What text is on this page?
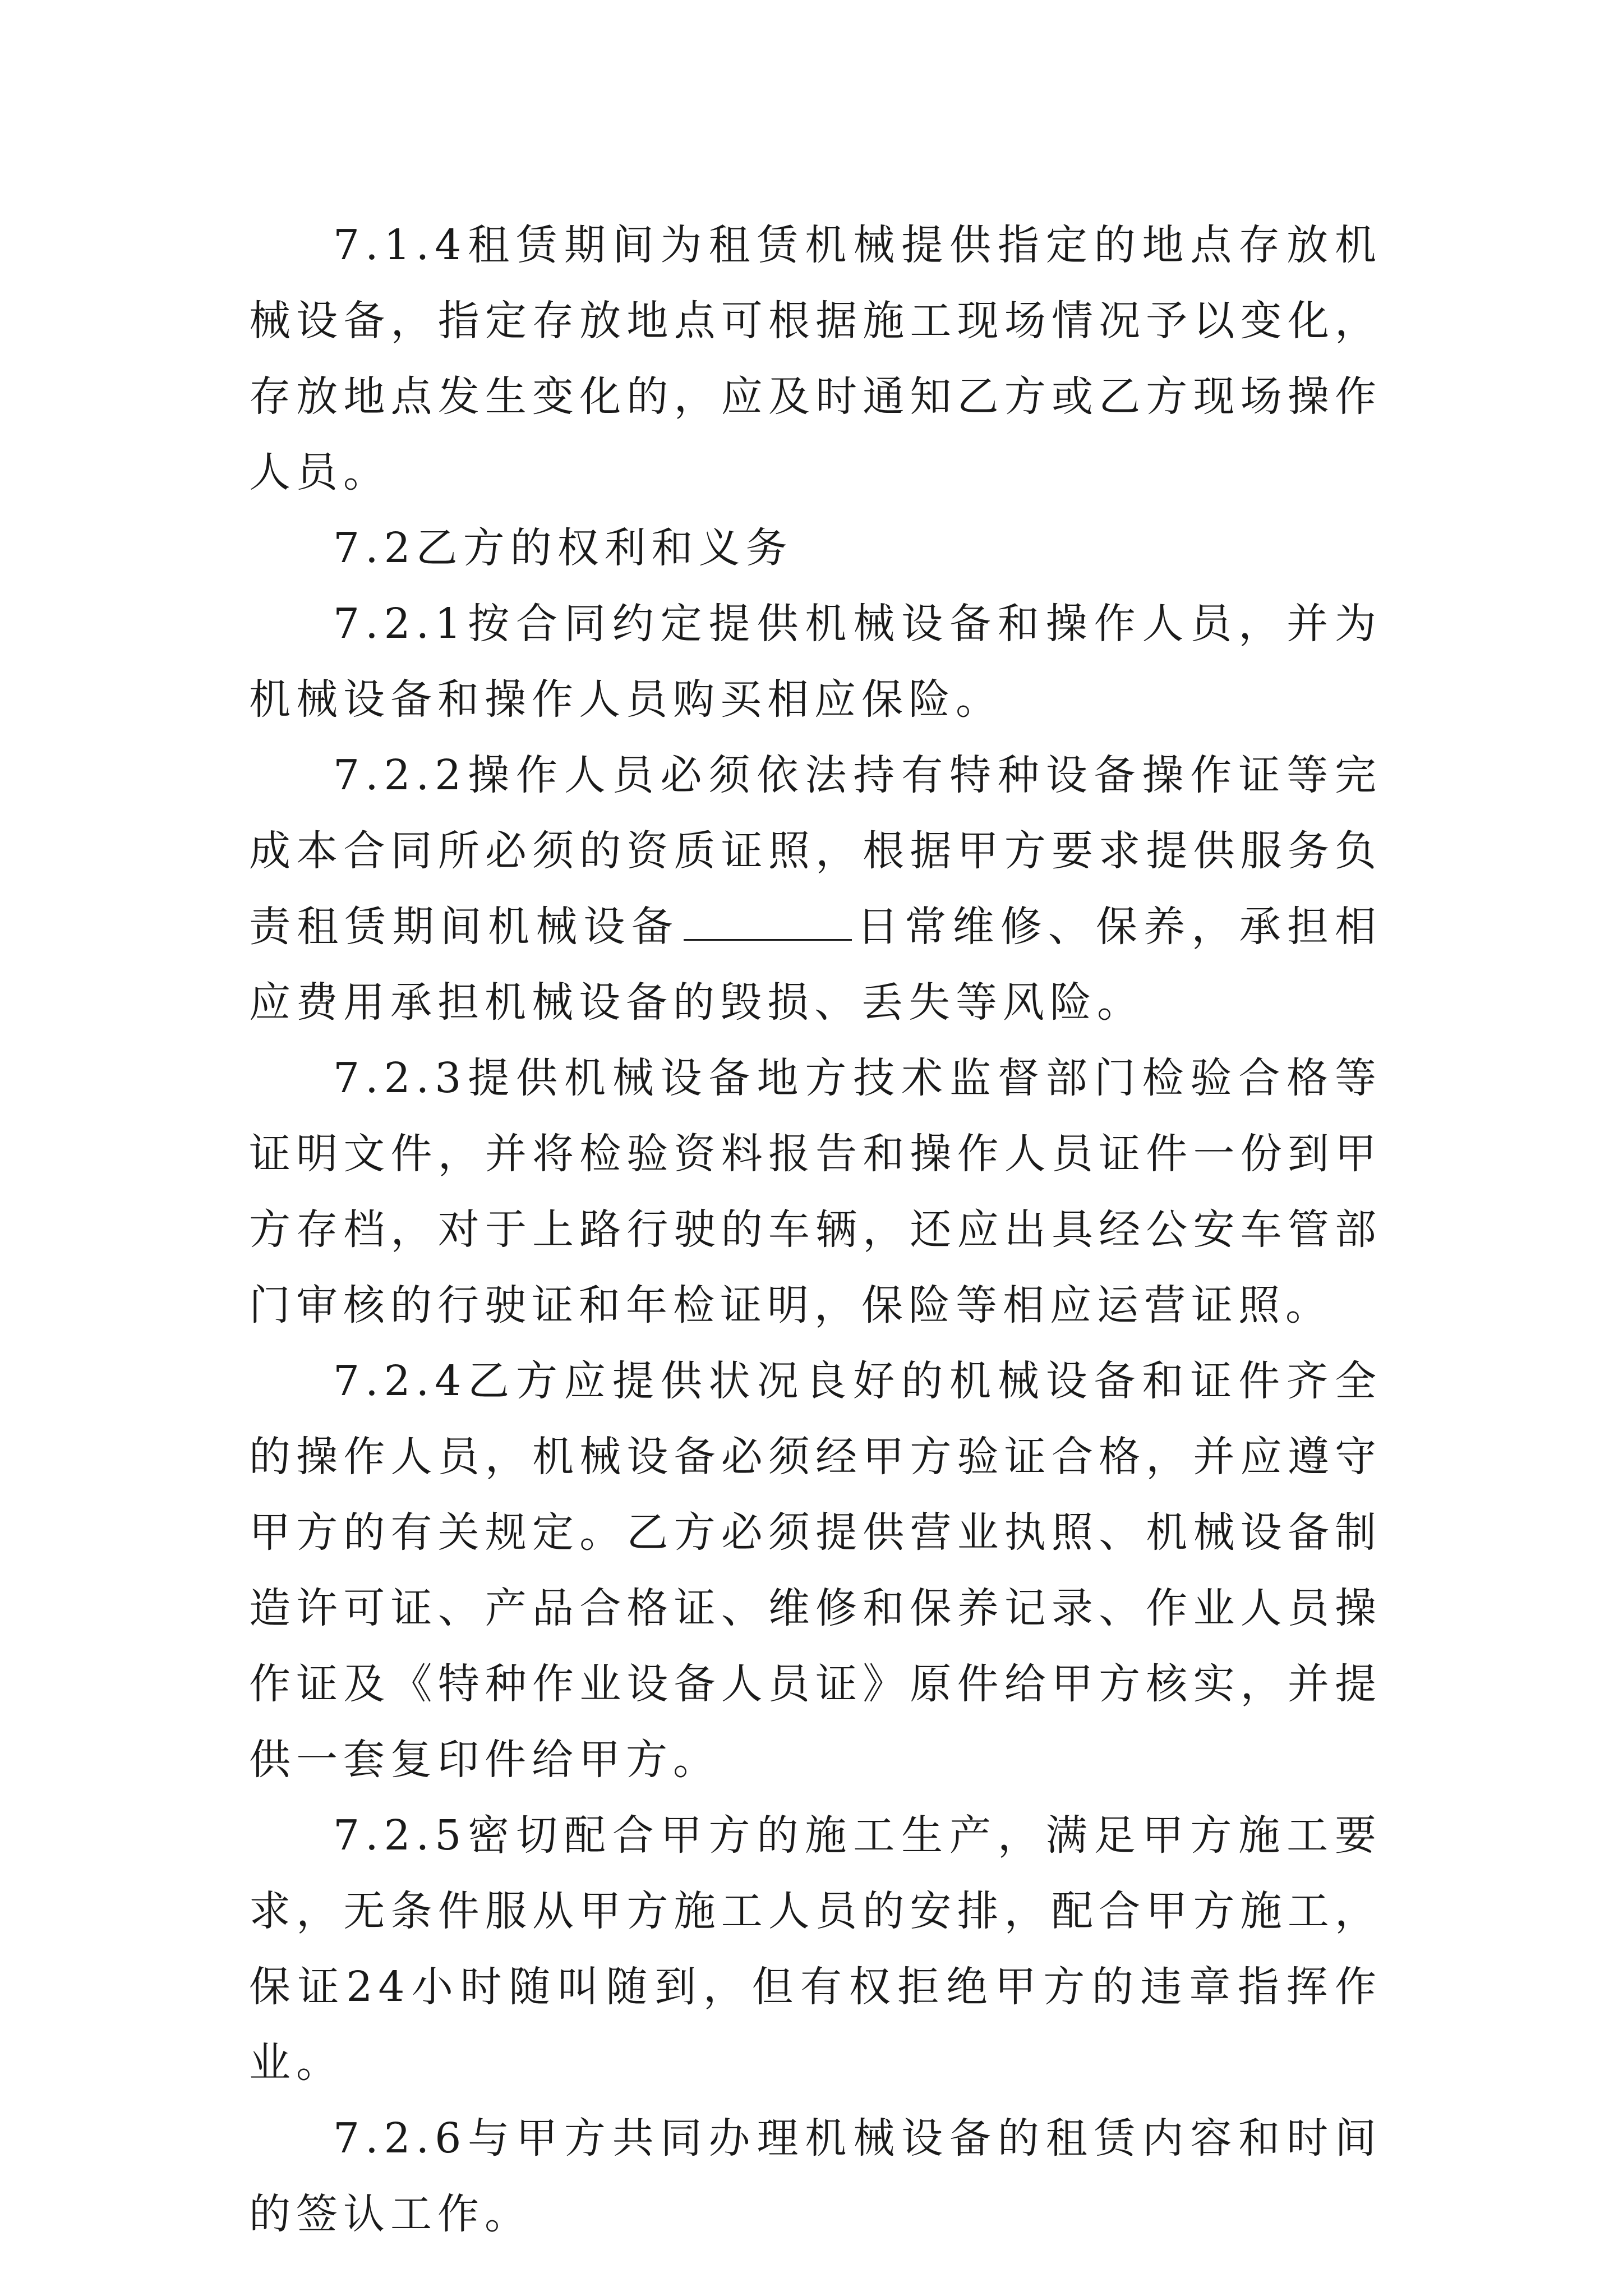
7.1.4租赁期间为租赁机械提供指定的地点存放机械设备，指定存放地点可根据施工现场情况予以变化，存放地点发生变化的，应及时通知乙方或乙方现场操作人员。

7.2乙方的权利和义务

7.2.1按合同约定提供机械设备和操作人员，并为机械设备和操作人员购买相应保险。

7.2.2操作人员必须依法持有特种设备操作证等完成本合同所必须的资质证照，根据甲方要求提供服务负责租赁期间机械设备	日常维修、保养，承担相应费用承担机械设备的毁损、丢失等风险。

7.2.3提供机械设备地方技术监督部门检验合格等证明文件，并将检验资料报告和操作人员证件一份到甲方存档，对于上路行驶的车辆，还应出具经公安车管部门审核的行驶证和年检证明，保险等相应运营证照。

7.2.4乙方应提供状况良好的机械设备和证件齐全的操作人员，机械设备必须经甲方验证合格，并应遵守甲方的有关规定。乙方必须提供营业执照、机械设备制造许可证、产品合格证、维修和保养记录、作业人员操作证及《特种作业设备人员证》原件给甲方核实，并提供一套复印件给甲方。

7.2.5密切配合甲方的施工生产，满足甲方施工要求，无条件服从甲方施工人员的安排，配合甲方施工，保证24小时随叫随到，但有权拒绝甲方的违章指挥作业。

7.2.6与甲方共同办理机械设备的租赁内容和时间的签认工作。
